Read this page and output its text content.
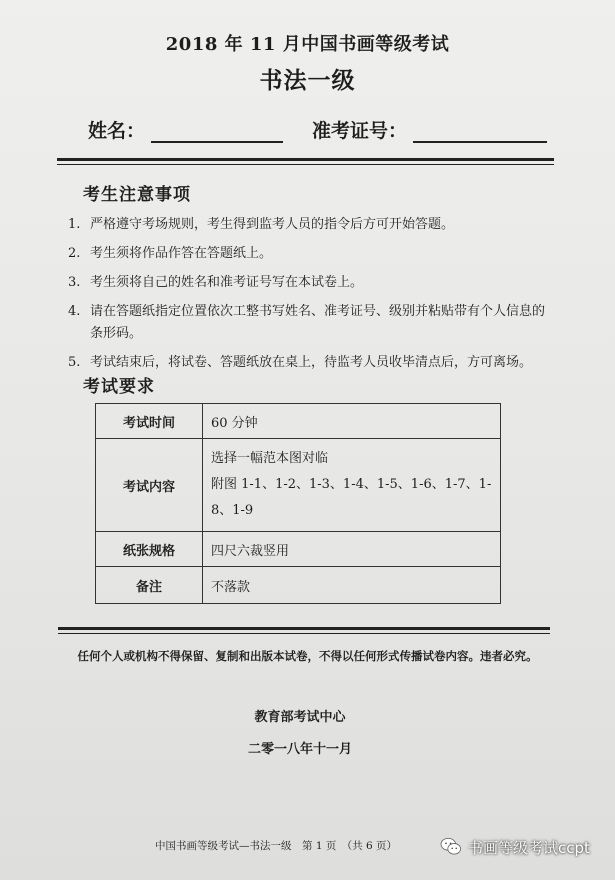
2018 年 11 月中国书画等级考试
书法一级
姓名：	准考证号：
考生注意事项
1. 严格遵守考场规则，考生得到监考人员的指令后方可开始答题。
2. 考生须将作品作答在答题纸上。
3. 考生须将自己的姓名和准考证号写在本试卷上。
4. 请在答题纸指定位置依次工整书写姓名、准考证号、级别并粘贴带有个人信息的条形码。
5. 考试结束后，将试卷、答题纸放在桌上，待监考人员收毕清点后，方可离场。
考试要求
考试时间	60 分钟
考试内容	选择一幅范本图对临
附图 1-1、1-2、1-3、1-4、1-5、1-6、1-7、1-8、1-9

纸张规格	四尺六裁竖用
备注	不落款
任何个人或机构不得保留、复制和出版本试卷，不得以任何形式传播试卷内容。违者必究。
教育部考试中心
二零一八年十一月
中国书画等级考试—书法一级　第 1 页　（共 6 页）	书画等级考试ccpt
